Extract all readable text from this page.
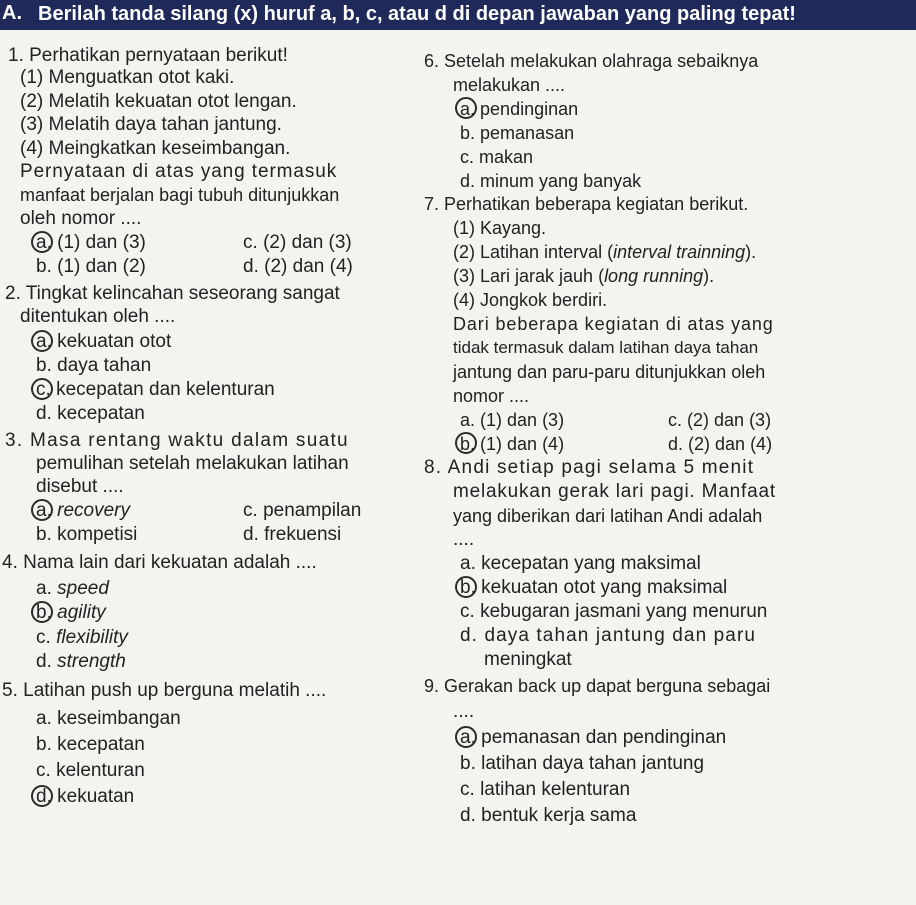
A. Berilah tanda silang (x) huruf a, b, c, atau d di depan jawaban yang paling tepat!
1. Perhatikan pernyataan berikut!
(1) Menguatkan otot kaki.
(2) Melatih kekuatan otot lengan.
(3) Melatih daya tahan jantung.
(4) Meingkatkan keseimbangan.
Pernyataan di atas yang termasuk
manfaat berjalan bagi tubuh ditunjukkan
oleh nomor ....
a. (1) dan (3)	c. (2) dan (3)
b. (1) dan (2)	d. (2) dan (4)
2. Tingkat kelincahan seseorang sangat
ditentukan oleh ....
a. kekuatan otot
b. daya tahan
c. kecepatan dan kelenturan
d. kecepatan
3. Masa rentang waktu dalam suatu
pemulihan setelah melakukan latihan
disebut ....
a. recovery	c. penampilan
b. kompetisi	d. frekuensi
4. Nama lain dari kekuatan adalah ....
a. speed
b. agility
c. flexibility
d. strength
5. Latihan push up berguna melatih ....
a. keseimbangan
b. kecepatan
c. kelenturan
d. kekuatan
6. Setelah melakukan olahraga sebaiknya
melakukan ....
a. pendinginan
b. pemanasan
c. makan
d. minum yang banyak
7. Perhatikan beberapa kegiatan berikut.
(1) Kayang.
(2) Latihan interval (interval trainning).
(3) Lari jarak jauh (long running).
(4) Jongkok berdiri.
Dari beberapa kegiatan di atas yang
tidak termasuk dalam latihan daya tahan
jantung dan paru-paru ditunjukkan oleh
nomor ....
a. (1) dan (3)	c. (2) dan (3)
b. (1) dan (4)	d. (2) dan (4)
8. Andi setiap pagi selama 5 menit
melakukan gerak lari pagi. Manfaat
yang diberikan dari latihan Andi adalah
....
a. kecepatan yang maksimal
b. kekuatan otot yang maksimal
c. kebugaran jasmani yang menurun
d. daya tahan jantung dan paru
meningkat
9. Gerakan back up dapat berguna sebagai
....
a. pemanasan dan pendinginan
b. latihan daya tahan jantung
c. latihan kelenturan
d. bentuk kerja sama
